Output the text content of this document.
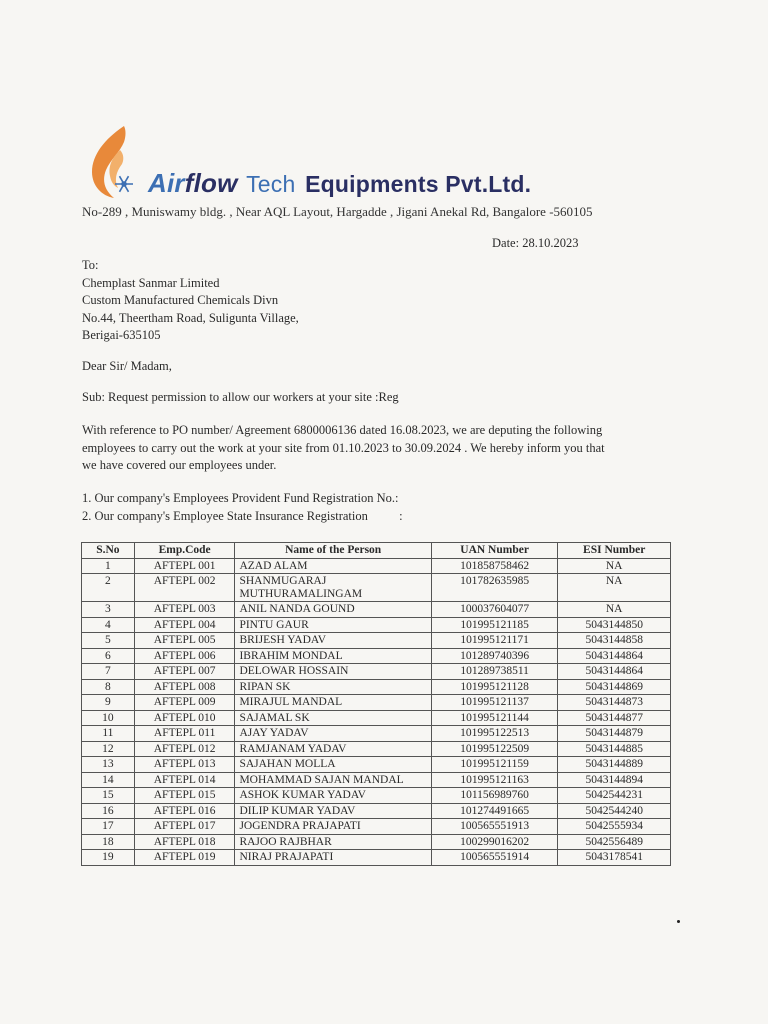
Airflow Tech Equipments Pvt.Ltd.
No-289 , Muniswamy bldg. , Near AQL Layout, Hargadde , Jigani Anekal Rd, Bangalore -560105
Date: 28.10.2023
To:
Chemplast Sanmar Limited
Custom Manufactured Chemicals Divn
No.44, Theertham Road, Suligunta Village,
Berigai-635105
Dear Sir/ Madam,
Sub: Request permission to allow our workers at your site :Reg
With reference to PO number/ Agreement 6800006136 dated 16.08.2023, we are deputing the following
employees to carry out the work at your site from 01.10.2023 to 30.09.2024 . We hereby inform you that
we have covered our employees under.
1. Our company's Employees Provident Fund Registration No.:
2. Our company's Employee State Insurance Registration          :
S.No	Emp.Code	Name of the Person	UAN Number	ESI Number
1	AFTEPL 001	AZAD ALAM	101858758462	NA
2	AFTEPL 002	SHANMUGARAJ MUTHURAMALINGAM	101782635985	NA
3	AFTEPL 003	ANIL NANDA GOUND	100037604077	NA
4	AFTEPL 004	PINTU GAUR	101995121185	5043144850
5	AFTEPL 005	BRIJESH YADAV	101995121171	5043144858
6	AFTEPL 006	IBRAHIM MONDAL	101289740396	5043144864
7	AFTEPL 007	DELOWAR HOSSAIN	101289738511	5043144864
8	AFTEPL 008	RIPAN SK	101995121128	5043144869
9	AFTEPL 009	MIRAJUL MANDAL	101995121137	5043144873
10	AFTEPL 010	SAJAMAL SK	101995121144	5043144877
11	AFTEPL 011	AJAY YADAV	101995122513	5043144879
12	AFTEPL 012	RAMJANAM YADAV	101995122509	5043144885
13	AFTEPL 013	SAJAHAN MOLLA	101995121159	5043144889
14	AFTEPL 014	MOHAMMAD SAJAN MANDAL	101995121163	5043144894
15	AFTEPL 015	ASHOK KUMAR YADAV	101156989760	5042544231
16	AFTEPL 016	DILIP KUMAR YADAV	101274491665	5042544240
17	AFTEPL 017	JOGENDRA PRAJAPATI	100565551913	5042555934
18	AFTEPL 018	RAJOO RAJBHAR	100299016202	5042556489
19	AFTEPL 019	NIRAJ PRAJAPATI	100565551914	5043178541
